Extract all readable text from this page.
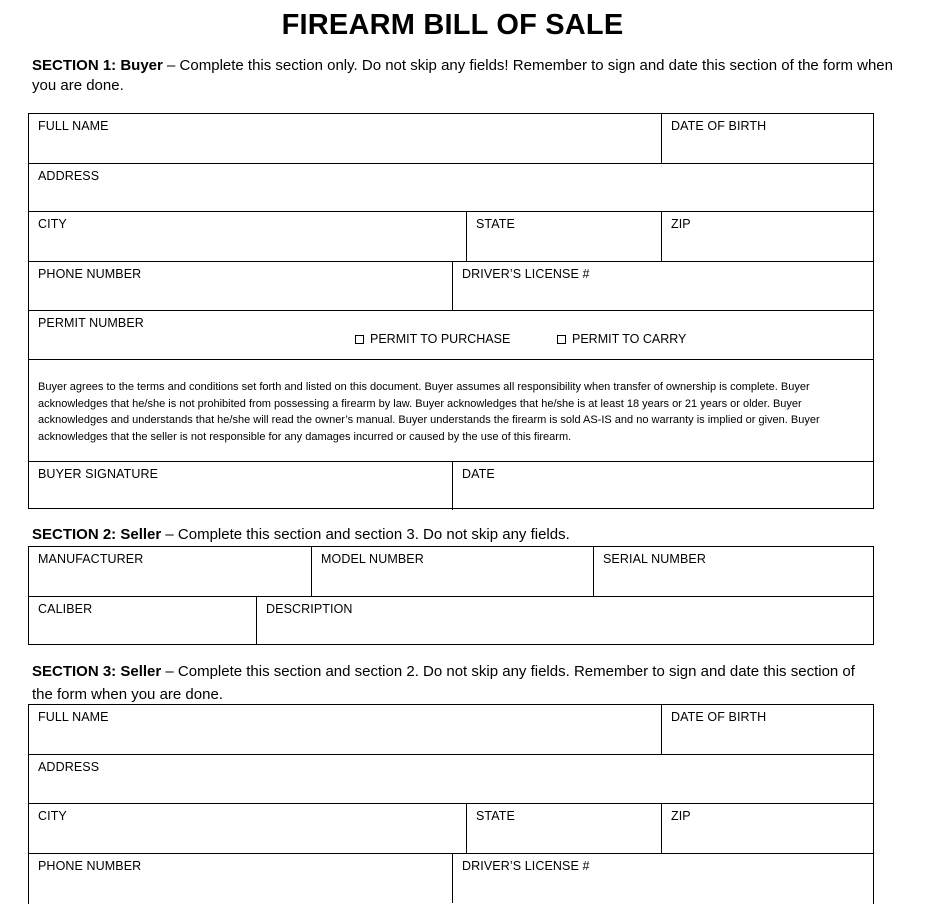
FIREARM BILL OF SALE
SECTION 1: Buyer – Complete this section only. Do not skip any fields! Remember to sign and date this section of the form when you are done.
FULL NAME	DATE OF BIRTH
ADDRESS
CITY	STATE	ZIP
PHONE NUMBER	DRIVER’S LICENSE #
PERMIT NUMBER
PERMIT TO PURCHASE	PERMIT TO CARRY
Buyer agrees to the terms and conditions set forth and listed on this document. Buyer assumes all responsibility when transfer of ownership is complete. Buyer acknowledges that he/she is not prohibited from possessing a firearm by law. Buyer acknowledges that he/she is at least 18 years or 21 years or older. Buyer acknowledges and understands that he/she will read the owner’s manual. Buyer understands the firearm is sold AS-IS and no warranty is implied or given. Buyer acknowledges that the seller is not responsible for any damages incurred or caused by the use of this firearm.
BUYER SIGNATURE	DATE
SECTION 2: Seller – Complete this section and section 3. Do not skip any fields.
MANUFACTURER	MODEL NUMBER	SERIAL NUMBER
CALIBER	DESCRIPTION
SECTION 3: Seller – Complete this section and section 2. Do not skip any fields. Remember to sign and date this section of the form when you are done.
FULL NAME	DATE OF BIRTH
ADDRESS
CITY	STATE	ZIP
PHONE NUMBER	DRIVER’S LICENSE #
